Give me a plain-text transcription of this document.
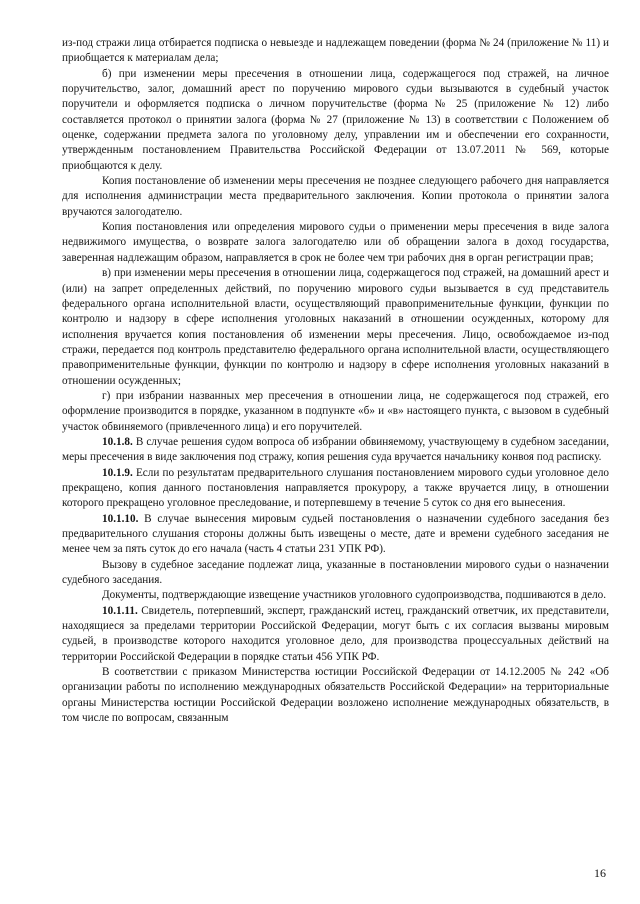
из-под стражи лица отбирается подписка о невыезде и надлежащем поведении (форма № 24 (приложение № 11) и приобщается к материалам дела;

б) при изменении меры пресечения в отношении лица, содержащегося под стражей, на личное поручительство, залог, домашний арест по поручению мирового судьи вызываются в судебный участок поручители и оформляется подписка о личном поручительстве (форма № 25 (приложение № 12) либо составляется протокол о принятии залога (форма № 27 (приложение № 13) в соответствии с Положением об оценке, содержании предмета залога по уголовному делу, управлении им и обеспечении его сохранности, утвержденным постановлением Правительства Российской Федерации от 13.07.2011 № 569, которые приобщаются к делу.

Копия постановление об изменении меры пресечения не позднее следующего рабочего дня направляется для исполнения администрации места предварительного заключения. Копии протокола о принятии залога вручаются залогодателю.

Копия постановления или определения мирового судьи о применении меры пресечения в виде залога недвижимого имущества, о возврате залога залогодателю или об обращении залога в доход государства, заверенная надлежащим образом, направляется в срок не более чем три рабочих дня в орган регистрации прав;

в) при изменении меры пресечения в отношении лица, содержащегося под стражей, на домашний арест и (или) на запрет определенных действий, по поручению мирового судьи вызывается в суд представитель федерального органа исполнительной власти, осуществляющий правоприменительные функции, функции по контролю и надзору в сфере исполнения уголовных наказаний в отношении осужденных, которому для исполнения вручается копия постановления об изменении меры пресечения. Лицо, освобождаемое из-под стражи, передается под контроль представителю федерального органа исполнительной власти, осуществляющего правоприменительные функции, функции по контролю и надзору в сфере исполнения уголовных наказаний в отношении осужденных;

г) при избрании названных мер пресечения в отношении лица, не содержащегося под стражей, его оформление производится в порядке, указанном в подпункте «б» и «в» настоящего пункта, с вызовом в судебный участок обвиняемого (привлеченного лица) и его поручителей.

10.1.8. В случае решения судом вопроса об избрании обвиняемому, участвующему в судебном заседании, меры пресечения в виде заключения под стражу, копия решения суда вручается начальнику конвоя под расписку.

10.1.9. Если по результатам предварительного слушания постановлением мирового судьи уголовное дело прекращено, копия данного постановления направляется прокурору, а также вручается лицу, в отношении которого прекращено уголовное преследование, и потерпевшему в течение 5 суток со дня его вынесения.

10.1.10. В случае вынесения мировым судьей постановления о назначении судебного заседания без предварительного слушания стороны должны быть извещены о месте, дате и времени судебного заседания не менее чем за пять суток до его начала (часть 4 статьи 231 УПК РФ).

Вызову в судебное заседание подлежат лица, указанные в постановлении мирового судьи о назначении судебного заседания.

Документы, подтверждающие извещение участников уголовного судопроизводства, подшиваются в дело.

10.1.11. Свидетель, потерпевший, эксперт, гражданский истец, гражданский ответчик, их представители, находящиеся за пределами территории Российской Федерации, могут быть с их согласия вызваны мировым судьей, в производстве которого находится уголовное дело, для производства процессуальных действий на территории Российской Федерации в порядке статьи 456 УПК РФ.

В соответствии с приказом Министерства юстиции Российской Федерации от 14.12.2005 № 242 «Об организации работы по исполнению международных обязательств Российской Федерации» на территориальные органы Министерства юстиции Российской Федерации возложено исполнение международных обязательств, в том числе по вопросам, связанным

16
